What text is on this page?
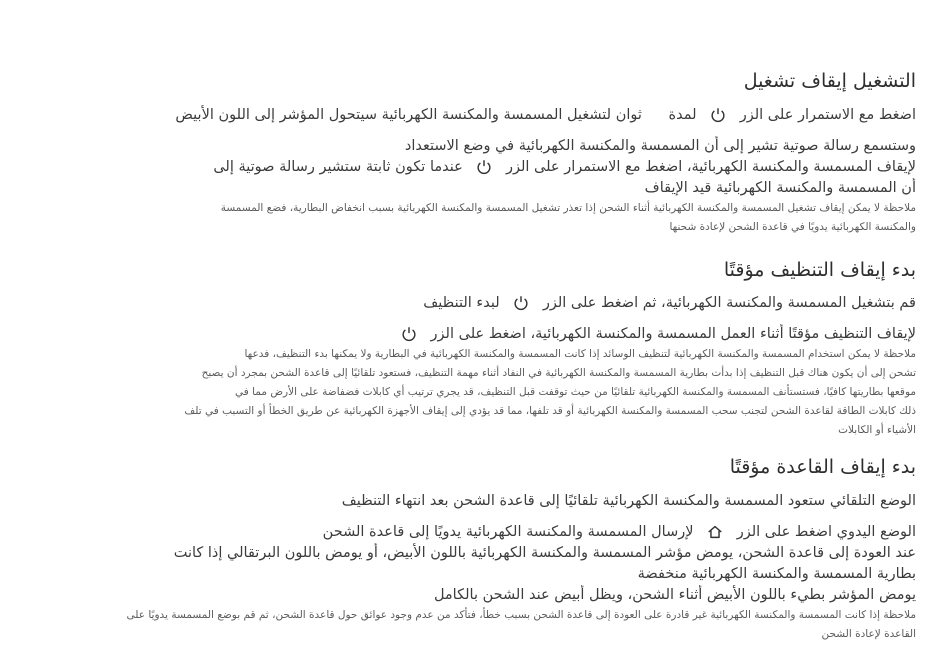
التشغيل إيقاف تشغيل
اضغط مع الاستمرار على الزر
لمدة ثوان لتشغيل المسمسة والمكنسة الكهربائية سيتحول المؤشر إلى اللون الأبيض
وستسمع رسالة صوتية تشير إلى أن المسمسة والمكنسة الكهربائية في وضع الاستعداد
لإيقاف المسمسة والمكنسة الكهربائية، اضغط مع الاستمرار على الزر
عندما تكون ثابتة ستشير رسالة صوتية إلى
أن المسمسة والمكنسة الكهربائية قيد الإيقاف
ملاحظة لا يمكن إيقاف تشغيل المسمسة والمكنسة الكهربائية أثناء الشحن إذا تعذر تشغيل المسمسة والمكنسة الكهربائية بسبب انخفاض البطارية، فضع المسمسة
والمكنسة الكهربائية يدويًا في قاعدة الشحن لإعادة شحنها
بدء إيقاف التنظيف مؤقتًا
قم بتشغيل المسمسة والمكنسة الكهربائية، ثم اضغط على الزر
لبدء التنظيف
لإيقاف التنظيف مؤقتًا أثناء العمل المسمسة والمكنسة الكهربائية، اضغط على الزر
ملاحظة لا يمكن استخدام المسمسة والمكنسة الكهربائية لتنظيف الوسائد إذا كانت المسمسة والمكنسة الكهربائية في البطارية ولا يمكنها بدء التنظيف، فدعها
تشحن إلى أن يكون هناك قبل التنظيف إذا بدأت بطارية المسمسة والمكنسة الكهربائية في النفاد أثناء مهمة التنظيف، فستعود تلقائيًا إلى قاعدة الشحن بمجرد أن يصبح
موقعها بطاريتها كافيًا، فستستأنف المسمسة والمكنسة الكهربائية تلقائيًا من حيث توقفت قبل التنظيف، قد يجري ترتيب أي كابلات فضفاضة على الأرض مما في
ذلك كابلات الطاقة لقاعدة الشحن لتجنب سحب المسمسة والمكنسة الكهربائية أو قد تلفها، مما قد يؤدي إلى إيقاف الأجهزة الكهربائية عن طريق الخطأ أو التسبب في تلف
الأشياء أو الكابلات
بدء إيقاف القاعدة مؤقتًا
الوضع التلقائي ستعود المسمسة والمكنسة الكهربائية تلقائيًا إلى قاعدة الشحن بعد انتهاء التنظيف
الوضع اليدوي اضغط على الزر
لإرسال المسمسة والمكنسة الكهربائية يدويًا إلى قاعدة الشحن
عند العودة إلى قاعدة الشحن، يومض مؤشر المسمسة والمكنسة الكهربائية باللون الأبيض، أو يومض باللون البرتقالي إذا كانت
بطارية المسمسة والمكنسة الكهربائية منخفضة
يومض المؤشر بطيء باللون الأبيض أثناء الشحن، ويظل أبيض عند الشحن بالكامل
ملاحظة إذا كانت المسمسة والمكنسة الكهربائية غير قادرة على العودة إلى قاعدة الشحن بسبب خطأ، فتأكد من عدم وجود عوائق حول قاعدة الشحن، ثم قم بوضع المسمسة يدويًا على
القاعدة لإعادة الشحن
